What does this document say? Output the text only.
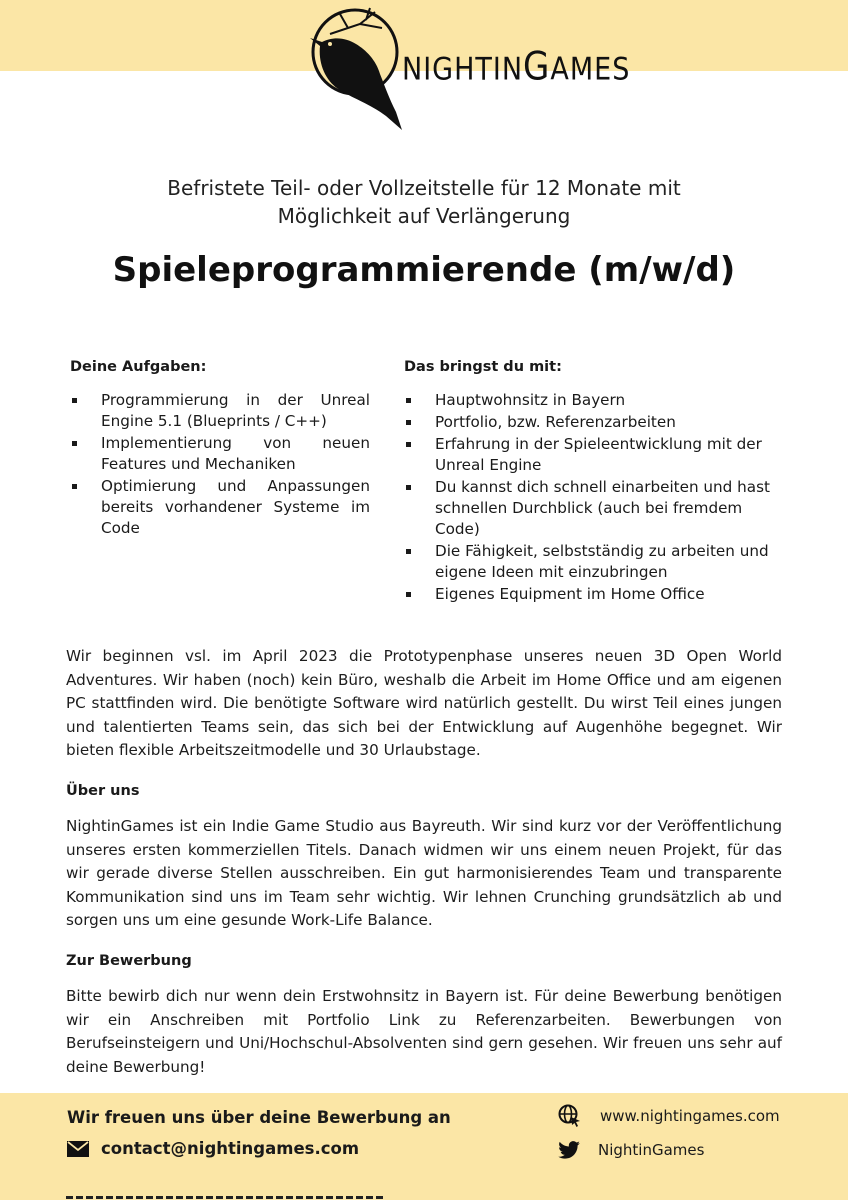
NIGHTINGAMES
Befristete Teil- oder Vollzeitstelle für 12 Monate mit
Möglichkeit auf Verlängerung
Spieleprogrammierende (m/w/d)
Deine Aufgaben:
Programmierung in der Unreal Engine 5.1 (Blueprints / C++)
Implementierung von neuen Features und Mechaniken
Optimierung und Anpassungen bereits vorhandener Systeme im Code
Das bringst du mit:
Hauptwohnsitz in Bayern
Portfolio, bzw. Referenzarbeiten
Erfahrung in der Spieleentwicklung mit der Unreal Engine
Du kannst dich schnell einarbeiten und hast schnellen Durchblick (auch bei fremdem Code)
Die Fähigkeit, selbstständig zu arbeiten und eigene Ideen mit einzubringen
Eigenes Equipment im Home Office
Wir beginnen vsl. im April 2023 die Prototypenphase unseres neuen 3D Open World Adventures. Wir haben (noch) kein Büro, weshalb die Arbeit im Home Office und am eigenen PC stattfinden wird. Die benötigte Software wird natürlich gestellt. Du wirst Teil eines jungen und talentierten Teams sein, das sich bei der Entwicklung auf Augenhöhe begegnet. Wir bieten flexible Arbeitszeitmodelle und 30 Urlaubstage.
Über uns
NightinGames ist ein Indie Game Studio aus Bayreuth. Wir sind kurz vor der Veröffentlichung unseres ersten kommerziellen Titels. Danach widmen wir uns einem neuen Projekt, für das wir gerade diverse Stellen ausschreiben. Ein gut harmonisierendes Team und transparente Kommunikation sind uns im Team sehr wichtig. Wir lehnen Crunching grundsätzlich ab und sorgen uns um eine gesunde Work-Life Balance.
Zur Bewerbung
Bitte bewirb dich nur wenn dein Erstwohnsitz in Bayern ist. Für deine Bewerbung benötigen wir ein Anschreiben mit Portfolio Link zu Referenzarbeiten. Bewerbungen von Berufseinsteigern und Uni/Hochschul-Absolventen sind gern gesehen. Wir freuen uns sehr auf deine Bewerbung!
Wir freuen uns über deine Bewerbung an
contact@nightingames.com
www.nightingames.com
NightinGames
